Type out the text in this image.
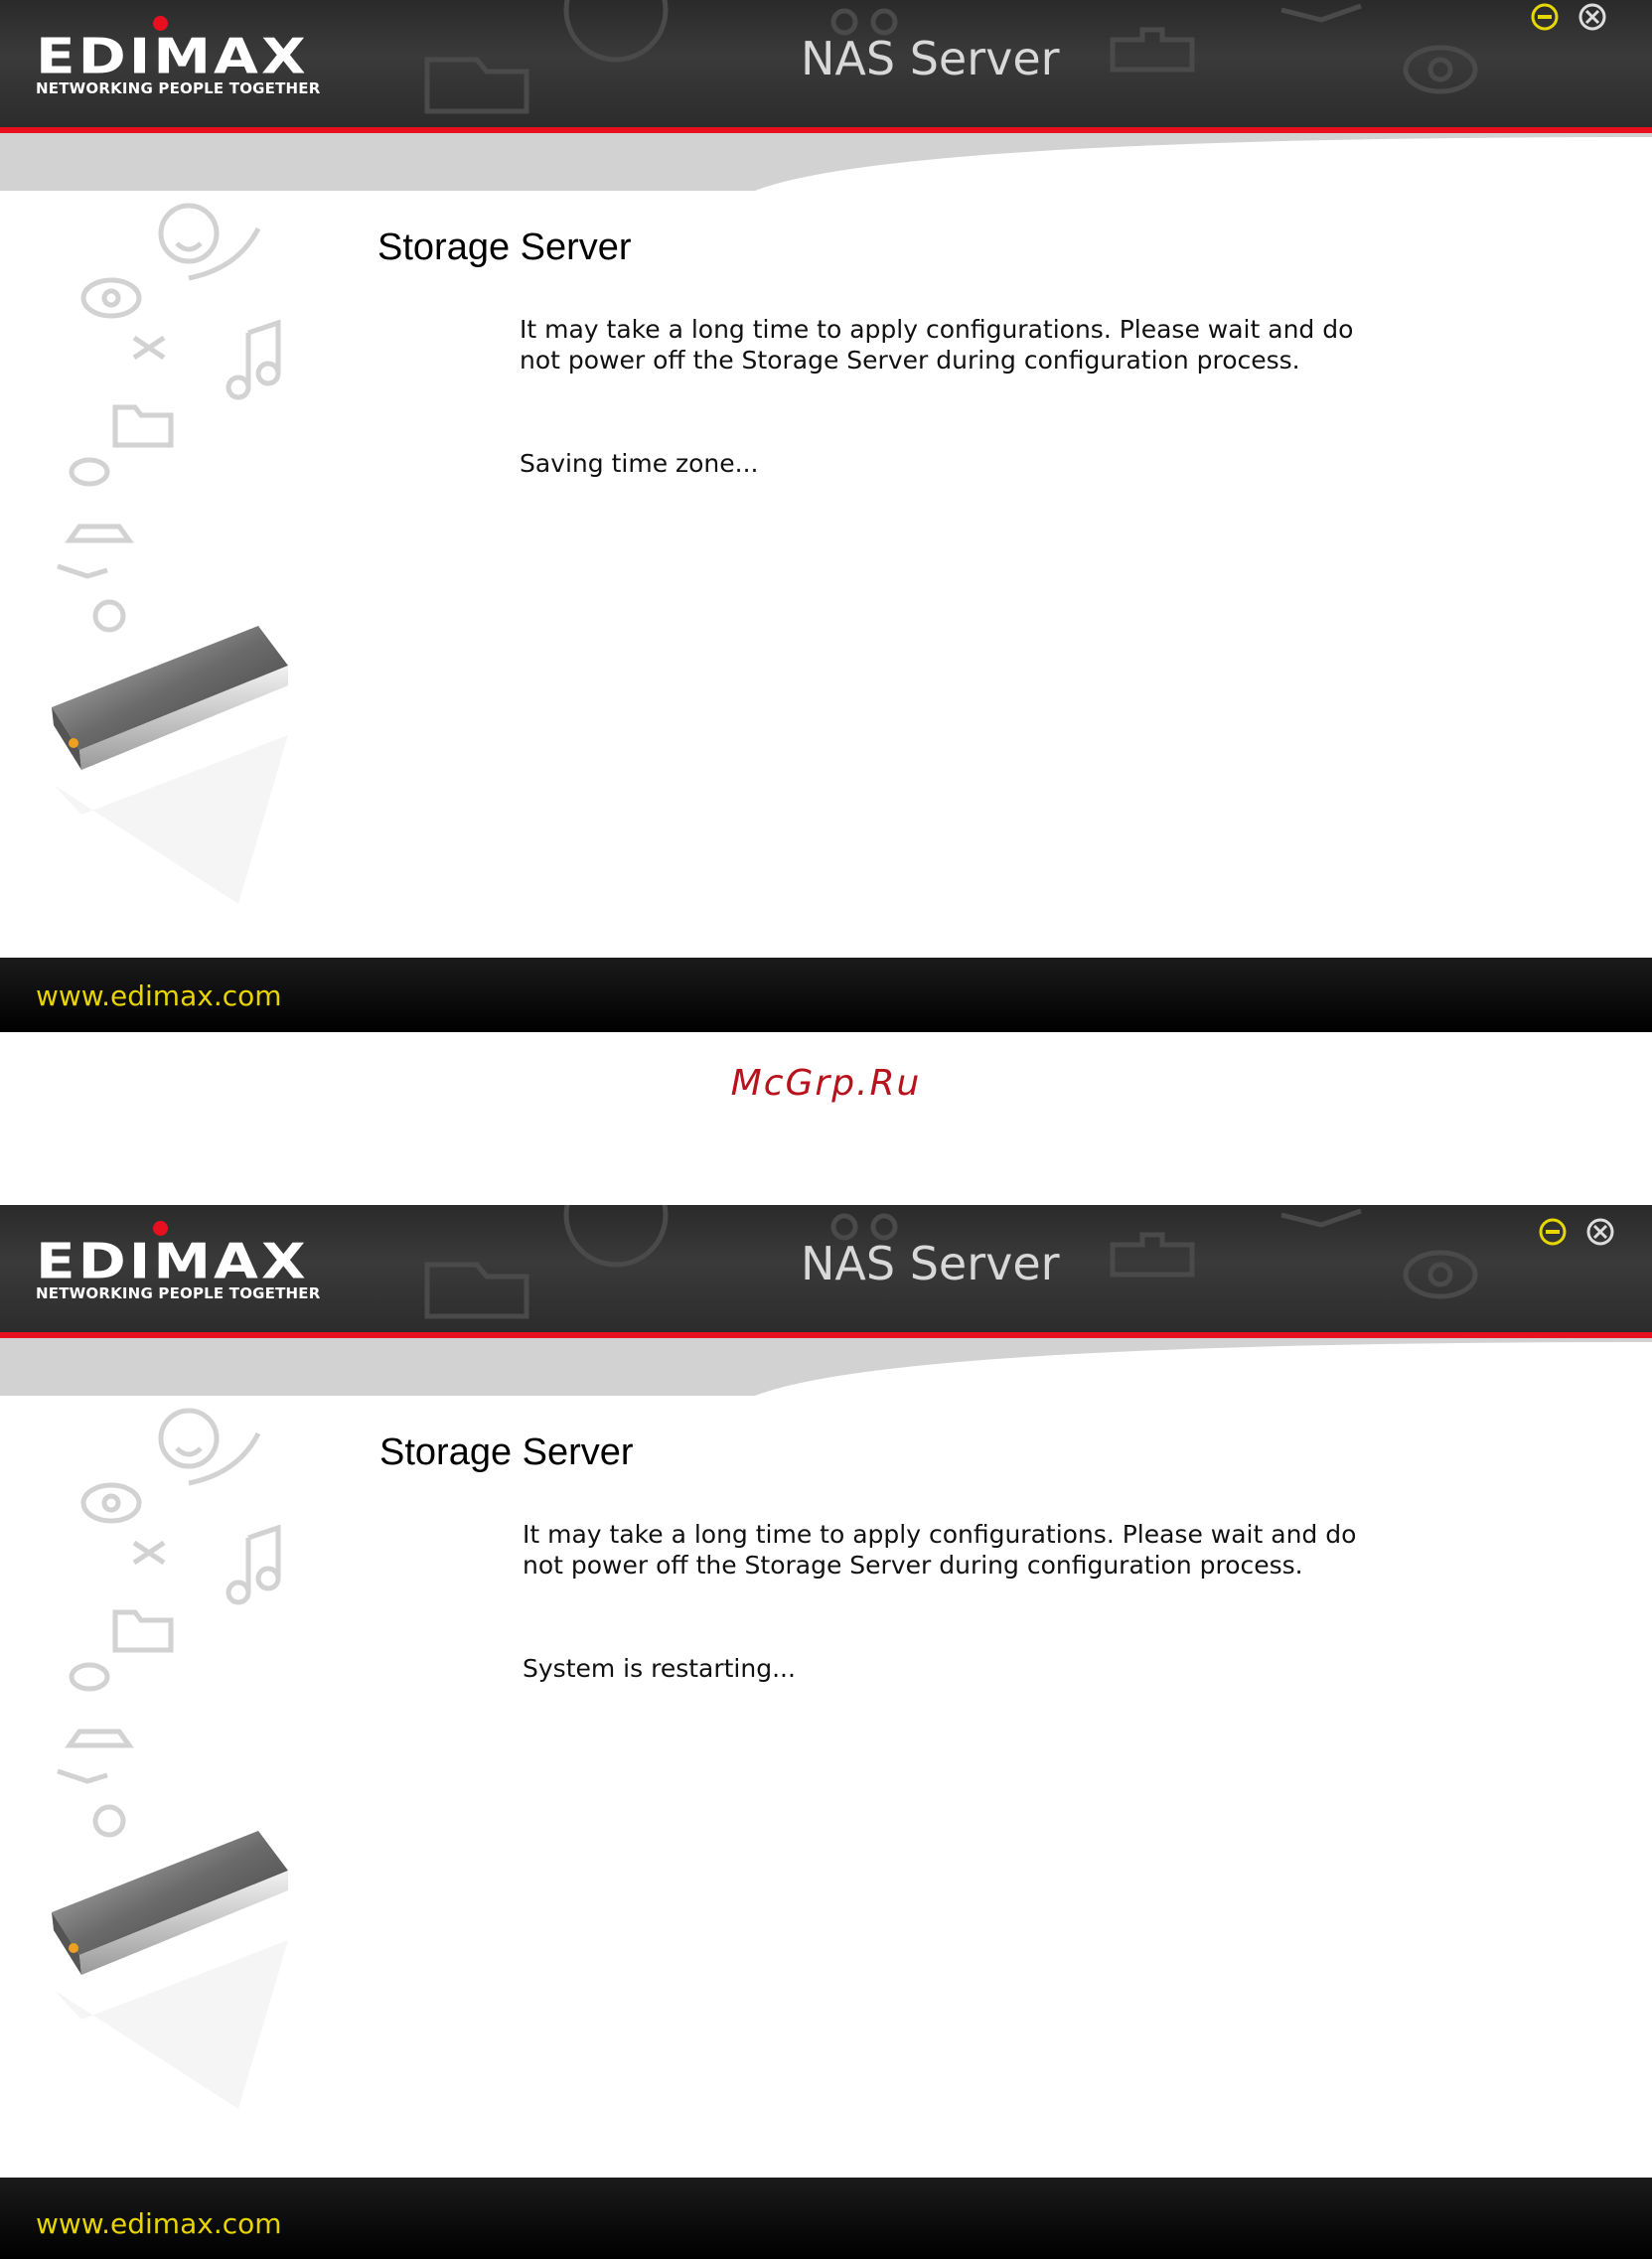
EDIMAX
NETWORKING PEOPLE TOGETHER
NAS Server
Storage Server
It may take a long time to apply configurations. Please wait and do
not power off the Storage Server during configuration process.
Saving time zone...
www.edimax.com
McGrp.Ru
EDIMAX
NETWORKING PEOPLE TOGETHER
NAS Server
Storage Server
It may take a long time to apply configurations. Please wait and do
not power off the Storage Server during configuration process.
System is restarting...
www.edimax.com
